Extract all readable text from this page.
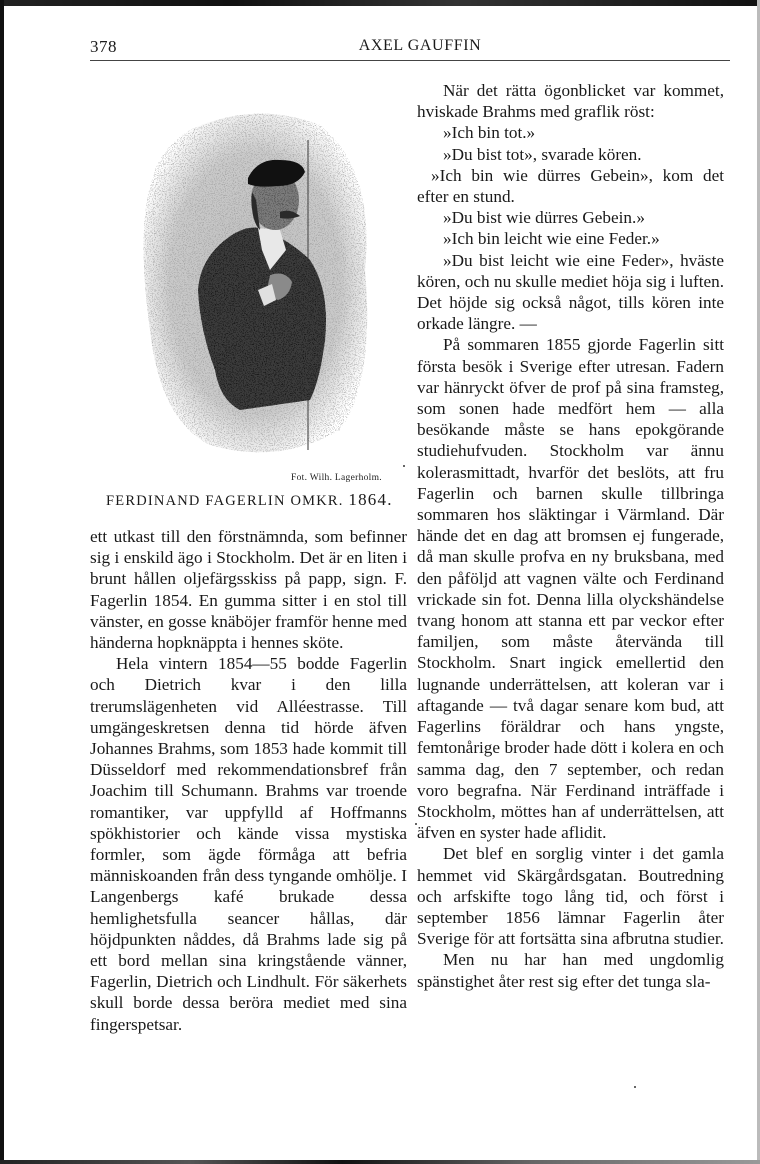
378	AXEL GAUFFIN
Fot. Wilh. Lagerholm.
FERDINAND FAGERLIN OMKR. 1864.

ett utkast till den förstnämnda, som befinner sig i enskild ägo i Stockholm. Det är en liten i brunt hållen oljefärgsskiss på papp, sign. F. Fagerlin 1854. En gumma sitter i en stol till vänster, en gosse knäböjer framför henne med händerna hopknäppta i hennes sköte.

Hela vintern 1854—55 bodde Fagerlin och Dietrich kvar i den lilla trerumslägenheten vid Alléestrasse. Till umgängeskretsen denna tid hörde äfven Johannes Brahms, som 1853 hade kommit till Düsseldorf med rekommendationsbref från Joachim till Schumann. Brahms var troende romantiker, var uppfylld af Hoffmanns spökhistorier och kände vissa mystiska formler, som ägde förmåga att befria människoanden från dess tyngande omhölje. I Langenbergs kafé brukade dessa hemlighetsfulla seancer hållas, där höjdpunkten nåddes, då Brahms lade sig på ett bord mellan sina kringstående vänner, Fagerlin, Dietrich och Lindhult. För säkerhets skull borde dessa beröra mediet med sina fingerspetsar.

När det rätta ögonblicket var kommet, hviskade Brahms med graflik röst:

»Ich bin tot.»

»Du bist tot», svarade kören.

»Ich bin wie dürres Gebein», kom det efter en stund.

»Du bist wie dürres Gebein.»

»Ich bin leicht wie eine Feder.»

»Du bist leicht wie eine Feder», hväste kören, och nu skulle mediet höja sig i luften. Det höjde sig också något, tills kören inte orkade längre. —

På sommaren 1855 gjorde Fagerlin sitt första besök i Sverige efter utresan. Fadern var hänryckt öfver de prof på sina framsteg, som sonen hade medfört hem — alla besökande måste se hans epokgörande studiehufvuden. Stockholm var ännu kolerasmittadt, hvarför det beslöts, att fru Fagerlin och barnen skulle tillbringa sommaren hos släktingar i Värmland. Där hände det en dag att bromsen ej fungerade, då man skulle profva en ny bruksbana, med den påföljd att vagnen välte och Ferdinand vrickade sin fot. Denna lilla olyckshändelse tvang honom att stanna ett par veckor efter familjen, som måste återvända till Stockholm. Snart ingick emellertid den lugnande underrättelsen, att koleran var i aftagande — två dagar senare kom bud, att Fagerlins föräldrar och hans yngste, femtonårige broder hade dött i kolera en och samma dag, den 7 september, och redan voro begrafna. När Ferdinand inträffade i Stockholm, möttes han af underrättelsen, att äfven en syster hade aflidit.

Det blef en sorglig vinter i det gamla hemmet vid Skärgårdsgatan. Boutredning och arfskifte togo lång tid, och först i september 1856 lämnar Fagerlin åter Sverige för att fortsätta sina afbrutna studier.

Men nu har han med ungdomlig spänstighet åter rest sig efter det tunga sla-
